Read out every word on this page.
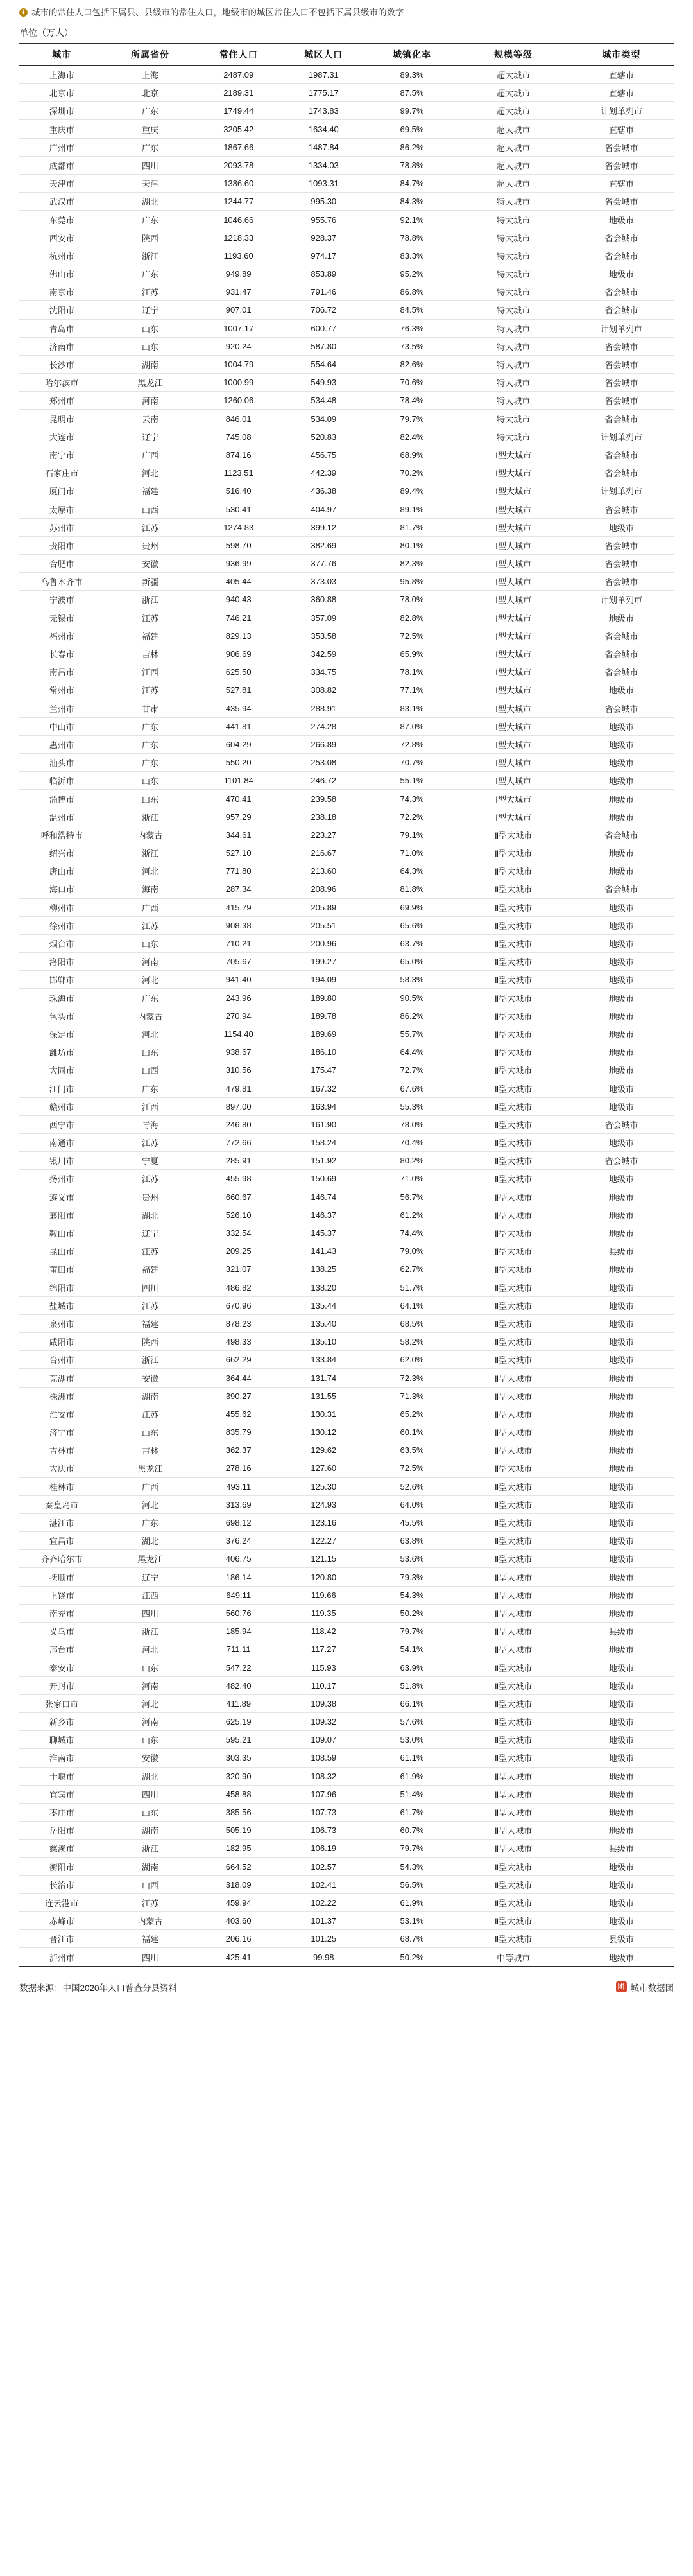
i 城市的常住人口包括下属县、县级市的常住人口，地级市的城区常住人口不包括下属县级市的数字
单位（万人）
城市	所属省份	常住人口	城区人口	城镇化率	规模等级	城市类型
上海市	上海	2487.09	1987.31	89.3%	超大城市	直辖市
北京市	北京	2189.31	1775.17	87.5%	超大城市	直辖市
深圳市	广东	1749.44	1743.83	99.7%	超大城市	计划单列市
重庆市	重庆	3205.42	1634.40	69.5%	超大城市	直辖市
广州市	广东	1867.66	1487.84	86.2%	超大城市	省会城市
成都市	四川	2093.78	1334.03	78.8%	超大城市	省会城市
天津市	天津	1386.60	1093.31	84.7%	超大城市	直辖市
武汉市	湖北	1244.77	995.30	84.3%	特大城市	省会城市
东莞市	广东	1046.66	955.76	92.1%	特大城市	地级市
西安市	陕西	1218.33	928.37	78.8%	特大城市	省会城市
杭州市	浙江	1193.60	974.17	83.3%	特大城市	省会城市
佛山市	广东	949.89	853.89	95.2%	特大城市	地级市
南京市	江苏	931.47	791.46	86.8%	特大城市	省会城市
沈阳市	辽宁	907.01	706.72	84.5%	特大城市	省会城市
青岛市	山东	1007.17	600.77	76.3%	特大城市	计划单列市
济南市	山东	920.24	587.80	73.5%	特大城市	省会城市
长沙市	湖南	1004.79	554.64	82.6%	特大城市	省会城市
哈尔滨市	黑龙江	1000.99	549.93	70.6%	特大城市	省会城市
郑州市	河南	1260.06	534.48	78.4%	特大城市	省会城市
昆明市	云南	846.01	534.09	79.7%	特大城市	省会城市
大连市	辽宁	745.08	520.83	82.4%	特大城市	计划单列市
南宁市	广西	874.16	456.75	68.9%	Ⅰ型大城市	省会城市
石家庄市	河北	1123.51	442.39	70.2%	Ⅰ型大城市	省会城市
厦门市	福建	516.40	436.38	89.4%	Ⅰ型大城市	计划单列市
太原市	山西	530.41	404.97	89.1%	Ⅰ型大城市	省会城市
苏州市	江苏	1274.83	399.12	81.7%	Ⅰ型大城市	地级市
贵阳市	贵州	598.70	382.69	80.1%	Ⅰ型大城市	省会城市
合肥市	安徽	936.99	377.76	82.3%	Ⅰ型大城市	省会城市
乌鲁木齐市	新疆	405.44	373.03	95.8%	Ⅰ型大城市	省会城市
宁波市	浙江	940.43	360.88	78.0%	Ⅰ型大城市	计划单列市
无锡市	江苏	746.21	357.09	82.8%	Ⅰ型大城市	地级市
福州市	福建	829.13	353.58	72.5%	Ⅰ型大城市	省会城市
长春市	吉林	906.69	342.59	65.9%	Ⅰ型大城市	省会城市
南昌市	江西	625.50	334.75	78.1%	Ⅰ型大城市	省会城市
常州市	江苏	527.81	308.82	77.1%	Ⅰ型大城市	地级市
兰州市	甘肃	435.94	288.91	83.1%	Ⅰ型大城市	省会城市
中山市	广东	441.81	274.28	87.0%	Ⅰ型大城市	地级市
惠州市	广东	604.29	266.89	72.8%	Ⅰ型大城市	地级市
汕头市	广东	550.20	253.08	70.7%	Ⅰ型大城市	地级市
临沂市	山东	1101.84	246.72	55.1%	Ⅰ型大城市	地级市
淄博市	山东	470.41	239.58	74.3%	Ⅰ型大城市	地级市
温州市	浙江	957.29	238.18	72.2%	Ⅰ型大城市	地级市
呼和浩特市	内蒙古	344.61	223.27	79.1%	Ⅱ型大城市	省会城市
绍兴市	浙江	527.10	216.67	71.0%	Ⅱ型大城市	地级市
唐山市	河北	771.80	213.60	64.3%	Ⅱ型大城市	地级市
海口市	海南	287.34	208.96	81.8%	Ⅱ型大城市	省会城市
柳州市	广西	415.79	205.89	69.9%	Ⅱ型大城市	地级市
徐州市	江苏	908.38	205.51	65.6%	Ⅱ型大城市	地级市
烟台市	山东	710.21	200.96	63.7%	Ⅱ型大城市	地级市
洛阳市	河南	705.67	199.27	65.0%	Ⅱ型大城市	地级市
邯郸市	河北	941.40	194.09	58.3%	Ⅱ型大城市	地级市
珠海市	广东	243.96	189.80	90.5%	Ⅱ型大城市	地级市
包头市	内蒙古	270.94	189.78	86.2%	Ⅱ型大城市	地级市
保定市	河北	1154.40	189.69	55.7%	Ⅱ型大城市	地级市
潍坊市	山东	938.67	186.10	64.4%	Ⅱ型大城市	地级市
大同市	山西	310.56	175.47	72.7%	Ⅱ型大城市	地级市
江门市	广东	479.81	167.32	67.6%	Ⅱ型大城市	地级市
赣州市	江西	897.00	163.94	55.3%	Ⅱ型大城市	地级市
西宁市	青海	246.80	161.90	78.0%	Ⅱ型大城市	省会城市
南通市	江苏	772.66	158.24	70.4%	Ⅱ型大城市	地级市
银川市	宁夏	285.91	151.92	80.2%	Ⅱ型大城市	省会城市
扬州市	江苏	455.98	150.69	71.0%	Ⅱ型大城市	地级市
遵义市	贵州	660.67	146.74	56.7%	Ⅱ型大城市	地级市
襄阳市	湖北	526.10	146.37	61.2%	Ⅱ型大城市	地级市
鞍山市	辽宁	332.54	145.37	74.4%	Ⅱ型大城市	地级市
昆山市	江苏	209.25	141.43	79.0%	Ⅱ型大城市	县级市
莆田市	福建	321.07	138.25	62.7%	Ⅱ型大城市	地级市
绵阳市	四川	486.82	138.20	51.7%	Ⅱ型大城市	地级市
盐城市	江苏	670.96	135.44	64.1%	Ⅱ型大城市	地级市
泉州市	福建	878.23	135.40	68.5%	Ⅱ型大城市	地级市
咸阳市	陕西	498.33	135.10	58.2%	Ⅱ型大城市	地级市
台州市	浙江	662.29	133.84	62.0%	Ⅱ型大城市	地级市
芜湖市	安徽	364.44	131.74	72.3%	Ⅱ型大城市	地级市
株洲市	湖南	390.27	131.55	71.3%	Ⅱ型大城市	地级市
淮安市	江苏	455.62	130.31	65.2%	Ⅱ型大城市	地级市
济宁市	山东	835.79	130.12	60.1%	Ⅱ型大城市	地级市
吉林市	吉林	362.37	129.62	63.5%	Ⅱ型大城市	地级市
大庆市	黑龙江	278.16	127.60	72.5%	Ⅱ型大城市	地级市
桂林市	广西	493.11	125.30	52.6%	Ⅱ型大城市	地级市
秦皇岛市	河北	313.69	124.93	64.0%	Ⅱ型大城市	地级市
湛江市	广东	698.12	123.16	45.5%	Ⅱ型大城市	地级市
宜昌市	湖北	376.24	122.27	63.8%	Ⅱ型大城市	地级市
齐齐哈尔市	黑龙江	406.75	121.15	53.6%	Ⅱ型大城市	地级市
抚顺市	辽宁	186.14	120.80	79.3%	Ⅱ型大城市	地级市
上饶市	江西	649.11	119.66	54.3%	Ⅱ型大城市	地级市
南充市	四川	560.76	119.35	50.2%	Ⅱ型大城市	地级市
义乌市	浙江	185.94	118.42	79.7%	Ⅱ型大城市	县级市
邢台市	河北	711.11	117.27	54.1%	Ⅱ型大城市	地级市
泰安市	山东	547.22	115.93	63.9%	Ⅱ型大城市	地级市
开封市	河南	482.40	110.17	51.8%	Ⅱ型大城市	地级市
张家口市	河北	411.89	109.38	66.1%	Ⅱ型大城市	地级市
新乡市	河南	625.19	109.32	57.6%	Ⅱ型大城市	地级市
聊城市	山东	595.21	109.07	53.0%	Ⅱ型大城市	地级市
淮南市	安徽	303.35	108.59	61.1%	Ⅱ型大城市	地级市
十堰市	湖北	320.90	108.32	61.9%	Ⅱ型大城市	地级市
宜宾市	四川	458.88	107.96	51.4%	Ⅱ型大城市	地级市
枣庄市	山东	385.56	107.73	61.7%	Ⅱ型大城市	地级市
岳阳市	湖南	505.19	106.73	60.7%	Ⅱ型大城市	地级市
慈溪市	浙江	182.95	106.19	79.7%	Ⅱ型大城市	县级市
衡阳市	湖南	664.52	102.57	54.3%	Ⅱ型大城市	地级市
长治市	山西	318.09	102.41	56.5%	Ⅱ型大城市	地级市
连云港市	江苏	459.94	102.22	61.9%	Ⅱ型大城市	地级市
赤峰市	内蒙古	403.60	101.37	53.1%	Ⅱ型大城市	地级市
晋江市	福建	206.16	101.25	68.7%	Ⅱ型大城市	县级市
泸州市	四川	425.41	99.98	50.2%	中等城市	地级市
数据来源：中国2020年人口普查分县资料	团 城市数据团
